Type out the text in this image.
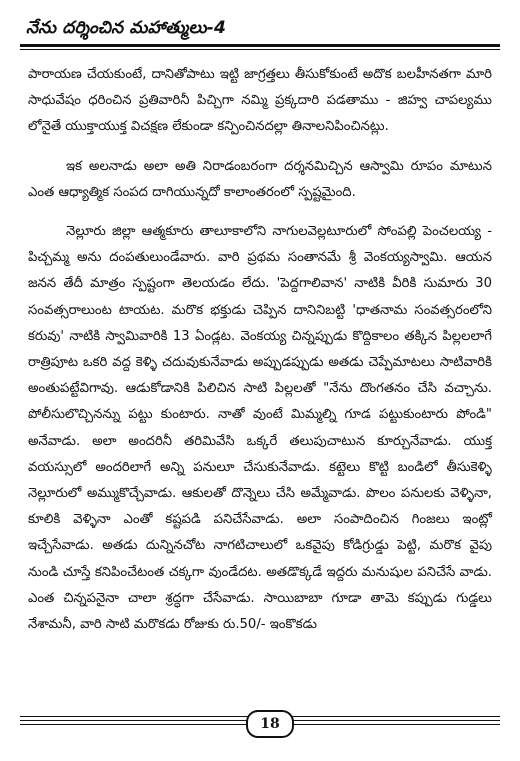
నేను దర్శించిన మహాత్ములు-4

పారాయణ చేయకుంటే, దానితోపాటు ఇట్టి జాగ్రత్తలు తీసుకోకుంటే అదొక బలహీనతగా మారి సాధువేషం ధరించిన ప్రతివారినీ పిచ్చిగా నమ్మి ప్రక్కదారి పడతాము - జిహ్వ చాపల్యము లోనైతే యుక్తాయుక్త విచక్షణ లేకుండా కన్పించినదల్లా తినాలనిపించినట్లు.

ఇక అలనాడు అలా అతి నిరాడంబరంగా దర్శనమిచ్చిన ఆస్వామి రూపం మాటున ఎంత ఆధ్యాత్మిక సంపద దాగియున్నదో కాలాంతరంలో స్పష్టమైంది.

నెల్లూరు జిల్లా ఆత్మకూరు తాలూకాలోని నాగులవెల్లటూరులో సోంపల్లి పెంచలయ్య - పిచ్చమ్మ అను దంపతులుండేవారు. వారి ప్రథమ సంతానమే శ్రీ వెంకయ్యస్వామి. ఆయన జనన తేదీ మాత్రం స్పష్టంగా తెలయడం లేదు. 'పెద్దగాలివాన' నాటికి వీరికి సుమారు 30 సంవత్సరాలుంట టాయట. మరొక భక్తుడు చెప్పిన దానినిబట్టి 'ధాతనామ సంవత్సరంలోని కరువు' నాటికి స్వామివారికి 13 ఏండ్లట. వెంకయ్య చిన్నప్పుడు కొద్దికాలం తక్కిన పిల్లలలాగే రాత్రిపూట ఒకరి వద్ద కెళ్ళి చదువుకునేవాడు అప్పుడప్పుడు అతడు చెప్పేమాటలు సాటివారికి అంతుపట్టేవిగావు. ఆడుకోడానికి పిలిచిన సాటి పిల్లలతో "నేను దొంగతనం చేసి వచ్చాను. పోలీసులొచ్చినన్ను పట్టు కుంటారు. నాతో వుంటే మిమ్మల్ని గూడ పట్టుకుంటారు పోండి" అనేవాడు. అలా అందరినీ తరిమివేసి ఒక్కరే తలుపుచాటున కూర్చునేవాడు. యుక్త వయస్సులో అందరిలాగే అన్ని పనులూ చేసుకునేవాడు. కట్టెలు కొట్టి బండిలో తీసుకెళ్ళి నెల్లూరులో అమ్ముకొచ్చేవాడు. ఆకులతో దొన్నెలు చేసి అమ్మేవాడు. పొలం పనులకు వెళ్ళినా, కూలికి వెళ్ళినా ఎంతో కష్టపడి పనిచేసేవాడు. అలా సంపాదించిన గింజలు ఇంట్లో ఇచ్చేసేవాడు. అతడు దున్నినచోట నాగటిచాలులో ఒకవైపు కోడిగ్రుడ్డు పెట్టి, మరొక వైపు నుండి చూస్తే కనిపించేటంత చక్కగా వుండేదట. అతడొక్కడే ఇద్దరు మనుషుల పనిచేసే వాడు. ఎంత చిన్నపనైనా చాలా శ్రద్ధగా చేసేవాడు. సాయిబాబా గూడా తామె కప్పుడు గుడ్డలు నేశామనీ, వారి సాటి మరొకడు రోజుకు రు.50/- ఇంకొకడు

18
